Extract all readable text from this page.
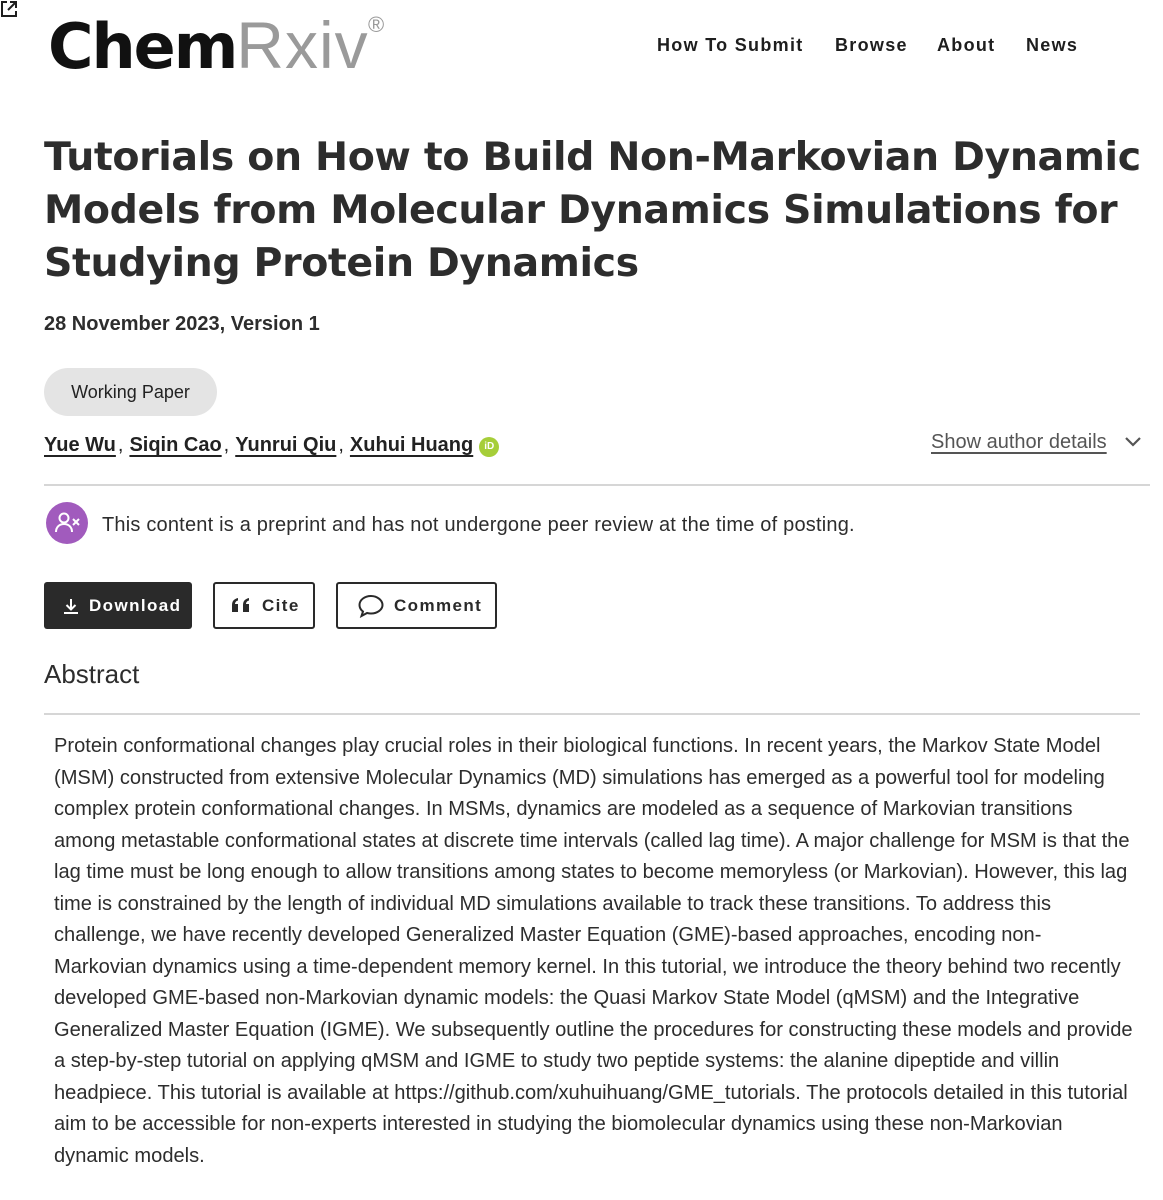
ChemRxiv ®
How To Submit Browse About News
Tutorials on How to Build Non-Markovian Dynamic Models from Molecular Dynamics Simulations for Studying Protein Dynamics
28 November 2023, Version 1
Working Paper
Yue Wu , Siqin Cao , Yunrui Qiu , Xuhui Huang iD	Show author details
This content is a preprint and has not undergone peer review at the time of posting.
Download	Cite	Comment
Abstract

Protein conformational changes play crucial roles in their biological functions. In recent years, the Markov State Model (MSM) constructed from extensive Molecular Dynamics (MD) simulations has emerged as a powerful tool for modeling complex protein conformational changes. In MSMs, dynamics are modeled as a sequence of Markovian transitions among metastable conformational states at discrete time intervals (called lag time). A major challenge for MSM is that the lag time must be long enough to allow transitions among states to become memoryless (or Markovian). However, this lag time is constrained by the length of individual MD simulations available to track these transitions. To address this challenge, we have recently developed Generalized Master Equation (GME)-based approaches, encoding non-Markovian dynamics using a time-dependent memory kernel. In this tutorial, we introduce the theory behind two recently developed GME-based non-Markovian dynamic models: the Quasi Markov State Model (qMSM) and the Integrative Generalized Master Equation (IGME). We subsequently outline the procedures for constructing these models and provide a step-by-step tutorial on applying qMSM and IGME to study two peptide systems: the alanine dipeptide and villin headpiece. This tutorial is available at https://github.com/xuhuihuang/GME_tutorials. The protocols detailed in this tutorial aim to be accessible for non-experts interested in studying the biomolecular dynamics using these non-Markovian dynamic models.
